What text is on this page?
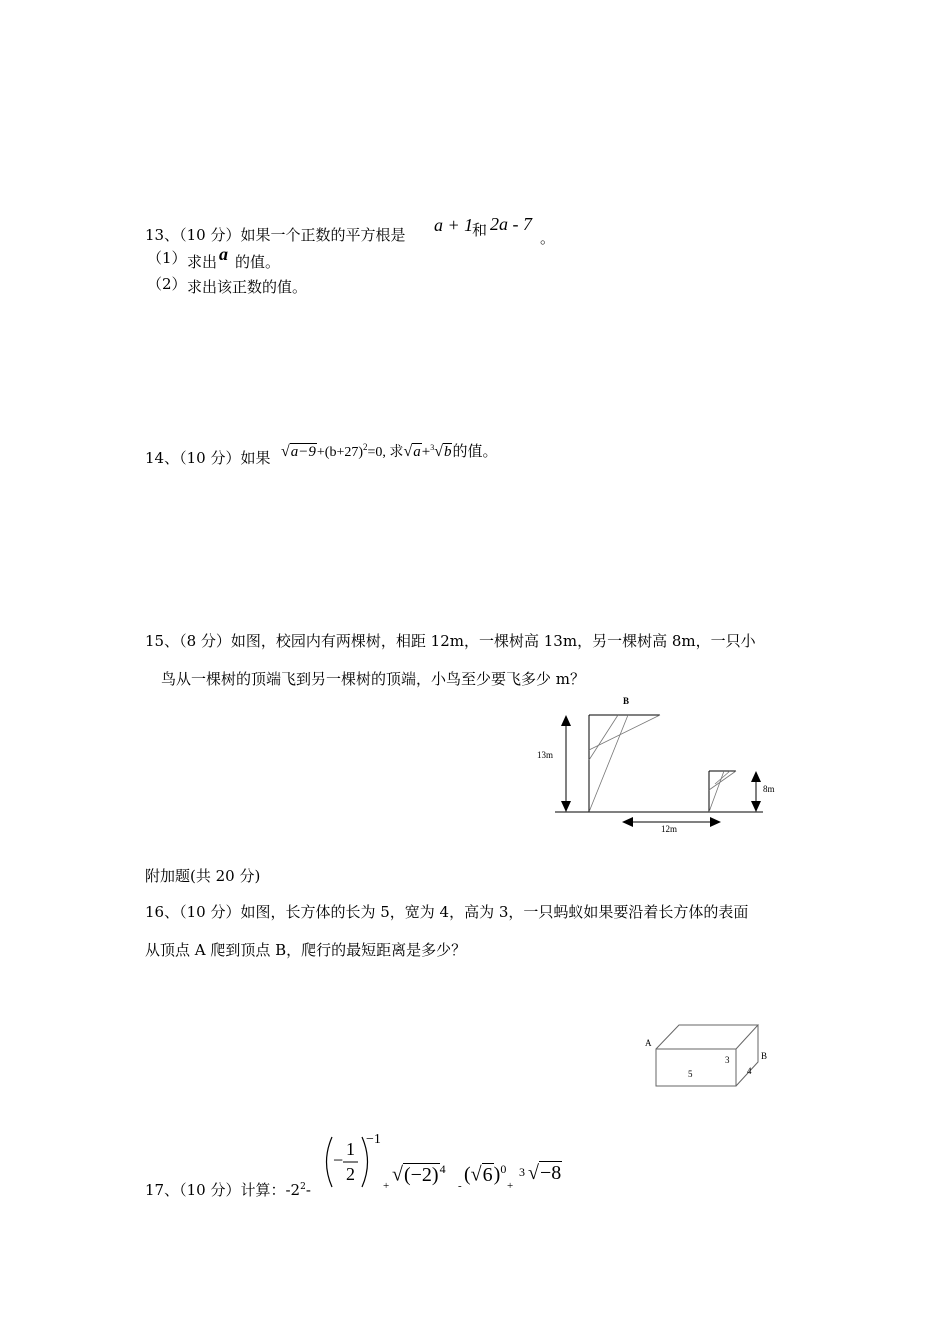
13、（10 分）如果一个正数的平方根是 a + 1
和 2a - 7
。
（1） 求出 a 的值。
（2） 求出该正数的值。
14、（10 分）如果 $√a-9+(b+27)^2=0$, 求√a+$^3$√b的值。
15、（8 分）如图，校园内有两棵树，相距 12m，一棵树高 13m，另一棵树高 8m，一只小
鸟从一棵树的顶端飞到另一棵树的顶端，小鸟至少要飞多少 m？
B
13m
8m
12m
附加题(共 20 分)
16、（10 分）如图，长方体的长为 5，宽为 4，高为 3，一只蚂蚁如果要沿着长方体的表面
从顶点 A 爬到顶点 B，爬行的最短距离是多少？
A
B
5	4
3
17、（10 分）计算：$-2^2-$
−
1
2
−1
+
$√(-2)^4$
-
$(√6)^0$
+
3 √−8
